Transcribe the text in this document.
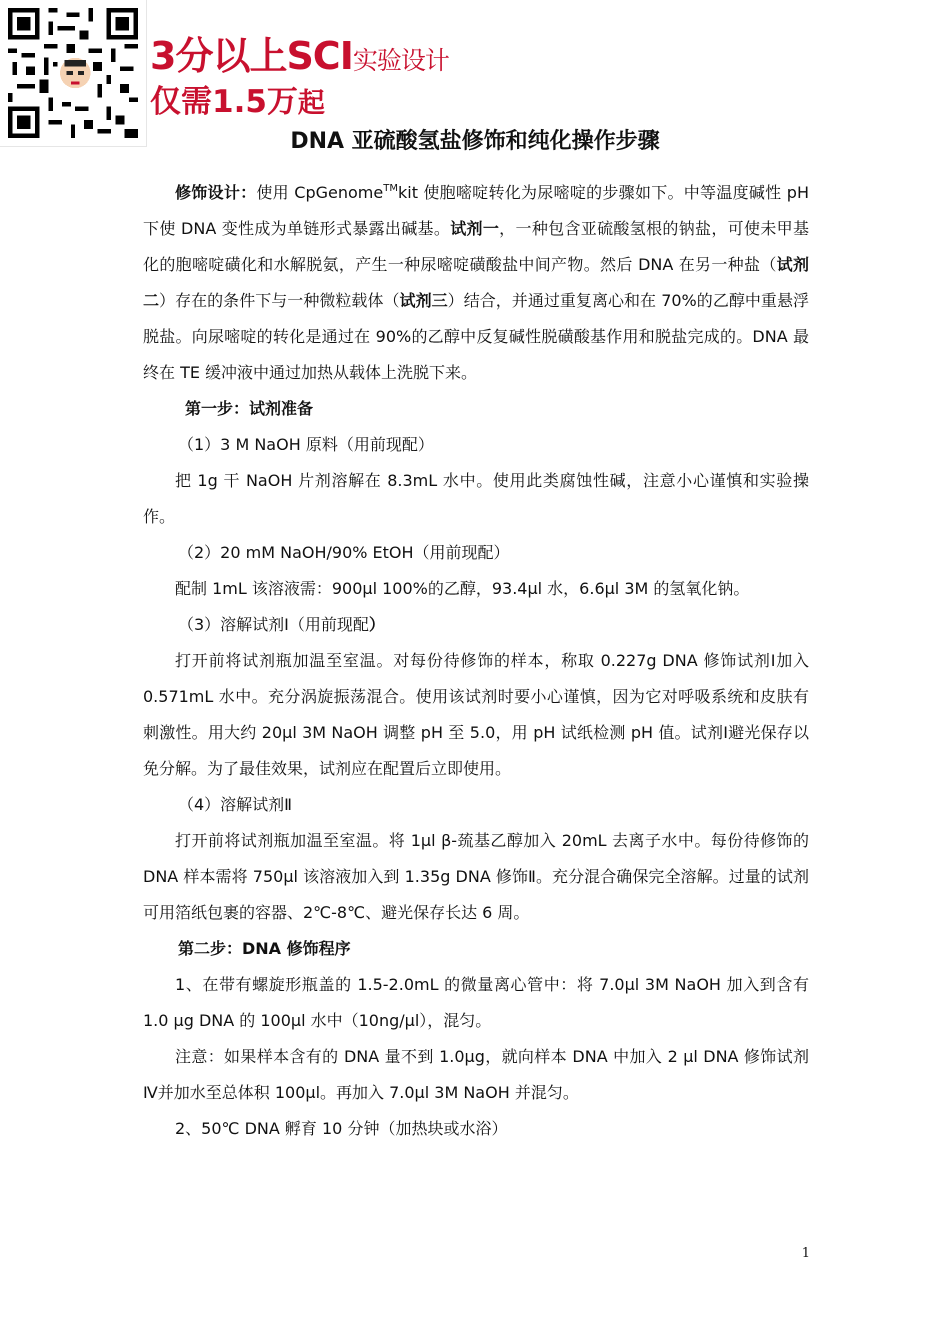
3分以上SCI实验设计
仅需1.5万起
DNA 亚硫酸氢盐修饰和纯化操作步骤

修饰设计：使用 CpGenome™kit 使胞嘧啶转化为尿嘧啶的步骤如下。中等温度碱性 pH 下使 DNA 变性成为单链形式暴露出碱基。试剂一，一种包含亚硫酸氢根的钠盐，可使未甲基化的胞嘧啶磺化和水解脱氨，产生一种尿嘧啶磺酸盐中间产物。然后 DNA 在另一种盐（试剂二）存在的条件下与一种微粒载体（试剂三）结合，并通过重复离心和在 70%的乙醇中重悬浮脱盐。向尿嘧啶的转化是通过在 90%的乙醇中反复碱性脱磺酸基作用和脱盐完成的。DNA 最终在 TE 缓冲液中通过加热从载体上洗脱下来。

第一步：试剂准备
（1）3 M NaOH 原料（用前现配）

把 1g 干 NaOH 片剂溶解在 8.3mL 水中。使用此类腐蚀性碱，注意小心谨慎和实验操作。

（2）20 mM NaOH/90% EtOH（用前现配）

配制 1mL 该溶液需：900μl 100%的乙醇，93.4μl 水，6.6μl 3M 的氢氧化钠。

（3）溶解试剂Ⅰ（用前现配）

打开前将试剂瓶加温至室温。对每份待修饰的样本，称取 0.227g DNA 修饰试剂Ⅰ加入 0.571mL 水中。充分涡旋振荡混合。使用该试剂时要小心谨慎，因为它对呼吸系统和皮肤有刺激性。用大约 20μl 3M NaOH 调整 pH 至 5.0，用 pH 试纸检测 pH 值。试剂Ⅰ避光保存以免分解。为了最佳效果，试剂应在配置后立即使用。

（4）溶解试剂Ⅱ

打开前将试剂瓶加温至室温。将 1μl β-巯基乙醇加入 20mL 去离子水中。每份待修饰的 DNA 样本需将 750μl 该溶液加入到 1.35g DNA 修饰Ⅱ。充分混合确保完全溶解。过量的试剂可用箔纸包裹的容器、2℃-8℃、避光保存长达 6 周。

第二步：DNA 修饰程序

1、在带有螺旋形瓶盖的 1.5-2.0mL 的微量离心管中：将 7.0μl 3M NaOH 加入到含有 1.0 μg DNA 的 100μl 水中（10ng/μl），混匀。

注意：如果样本含有的 DNA 量不到 1.0μg，就向样本 DNA 中加入 2 μl DNA 修饰试剂Ⅳ并加水至总体积 100μl。再加入 7.0μl 3M NaOH 并混匀。

2、50℃ DNA 孵育 10 分钟（加热块或水浴）

1
